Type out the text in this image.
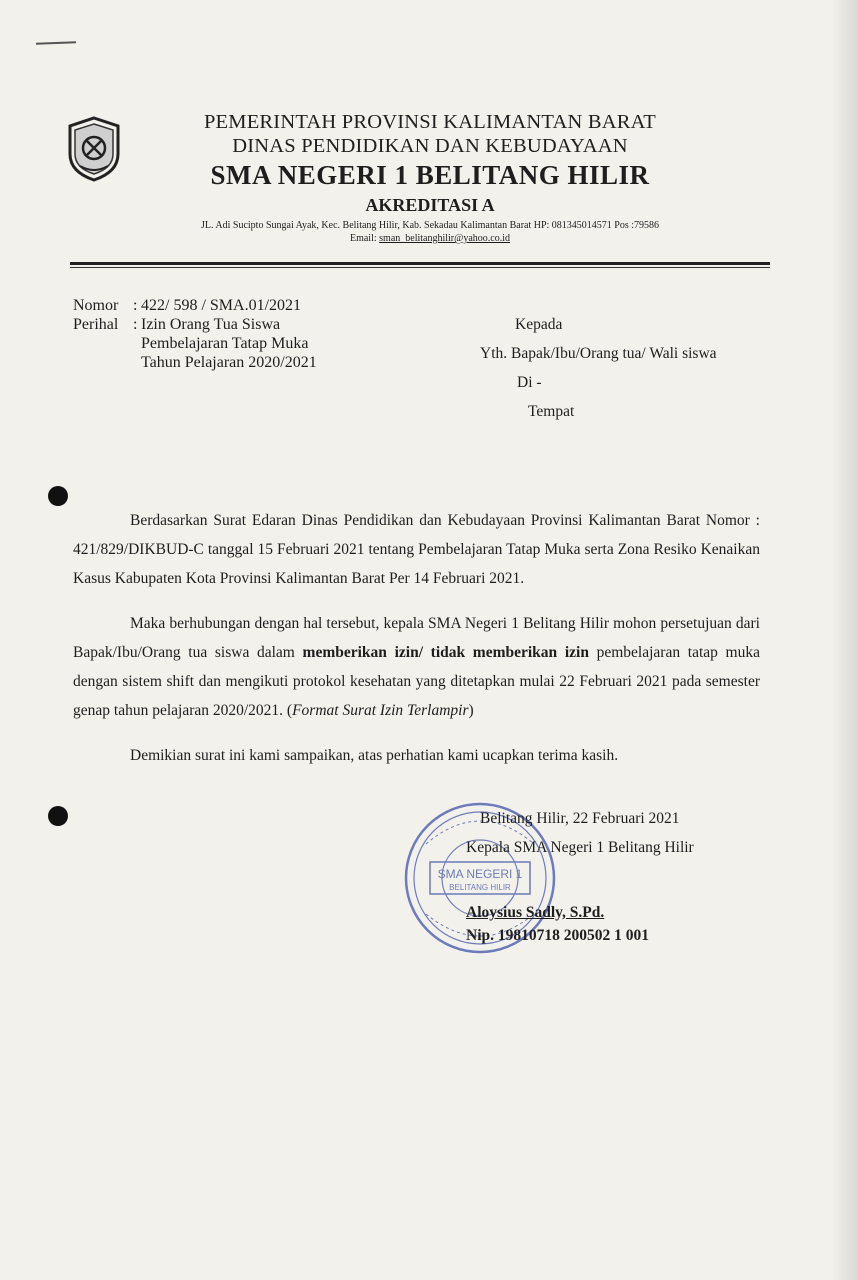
PEMERINTAH PROVINSI KALIMANTAN BARAT
DINAS PENDIDIKAN DAN KEBUDAYAAN
SMA NEGERI 1 BELITANG HILIR
AKREDITASI A
JL. Adi Sucipto Sungai Ayak, Kec. Belitang Hilir, Kab. Sekadau Kalimantan Barat HP: 081345014571 Pos :79586
Email: sman_belitanghilir@yahoo.co.id
Nomor : 422/ 598 / SMA.01/2021
Perihal : Izin Orang Tua Siswa
Pembelajaran Tatap Muka
Tahun Pelajaran 2020/2021
Kepada
Yth. Bapak/Ibu/Orang tua/ Wali siswa
Di -
Tempat

Berdasarkan Surat Edaran Dinas Pendidikan dan Kebudayaan Provinsi Kalimantan Barat Nomor : 421/829/DIKBUD-C tanggal 15 Februari 2021 tentang Pembelajaran Tatap Muka serta Zona Resiko Kenaikan Kasus Kabupaten Kota Provinsi Kalimantan Barat Per 14 Februari 2021.

Maka berhubungan dengan hal tersebut, kepala SMA Negeri 1 Belitang Hilir mohon persetujuan dari Bapak/Ibu/Orang tua siswa dalam memberikan izin/ tidak memberikan izin pembelajaran tatap muka dengan sistem shift dan mengikuti protokol kesehatan yang ditetapkan mulai 22 Februari 2021 pada semester genap tahun pelajaran 2020/2021. (Format Surat Izin Terlampir)

Demikian surat ini kami sampaikan, atas perhatian kami ucapkan terima kasih.

SMA NEGERI 1
BELITANG HILIR
Belitang Hilir, 22 Februari 2021
Kepala SMA Negeri 1 Belitang Hilir
Aloysius Sadly, S.Pd.
Nip. 19810718 200502 1 001
